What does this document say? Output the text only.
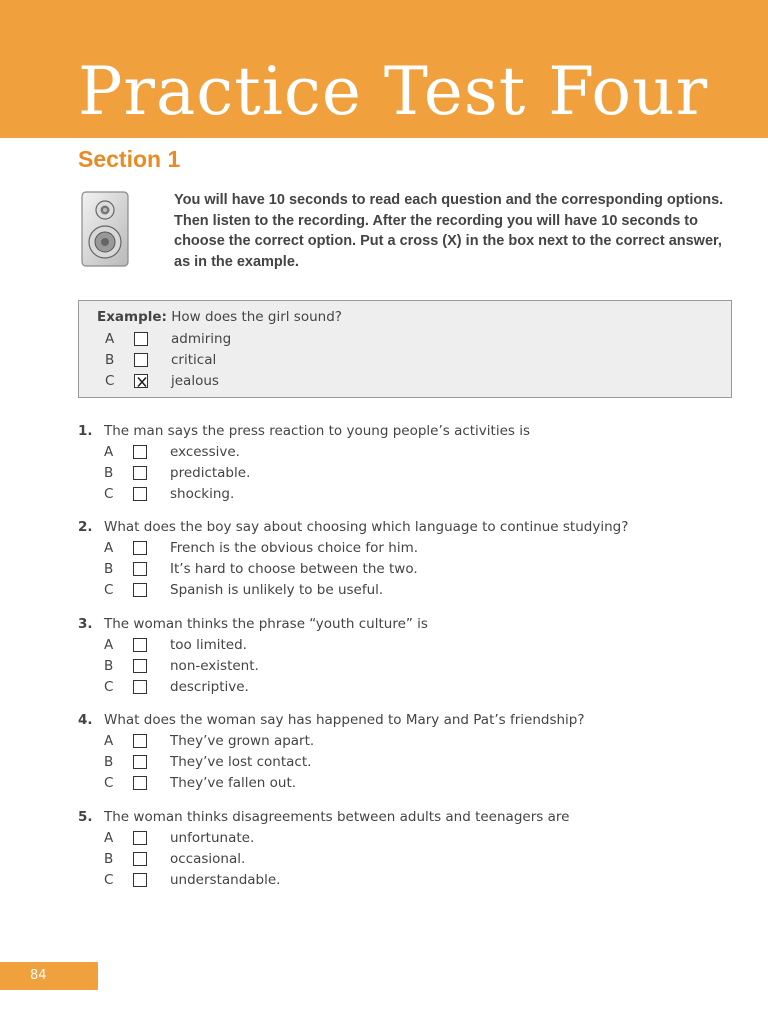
Practice Test Four
Section 1

You will have 10 seconds to read each question and the corresponding options. Then listen to the recording. After the recording you will have 10 seconds to choose the correct option. Put a cross (X) in the box next to the correct answer, as in the example.

Example: How does the girl sound?
A	admiring
B	critical
C	jealous
1. The man says the press reaction to young people’s activities is
A	excessive.
B	predictable.
C	shocking.
2. What does the boy say about choosing which language to continue studying?
A	French is the obvious choice for him.
B	It’s hard to choose between the two.
C	Spanish is unlikely to be useful.
3. The woman thinks the phrase “youth culture” is
A	too limited.
B	non-existent.
C	descriptive.
4. What does the woman say has happened to Mary and Pat’s friendship?
A	They’ve grown apart.
B	They’ve lost contact.
C	They’ve fallen out.
5. The woman thinks disagreements between adults and teenagers are
A	unfortunate.
B	occasional.
C	understandable.
84
